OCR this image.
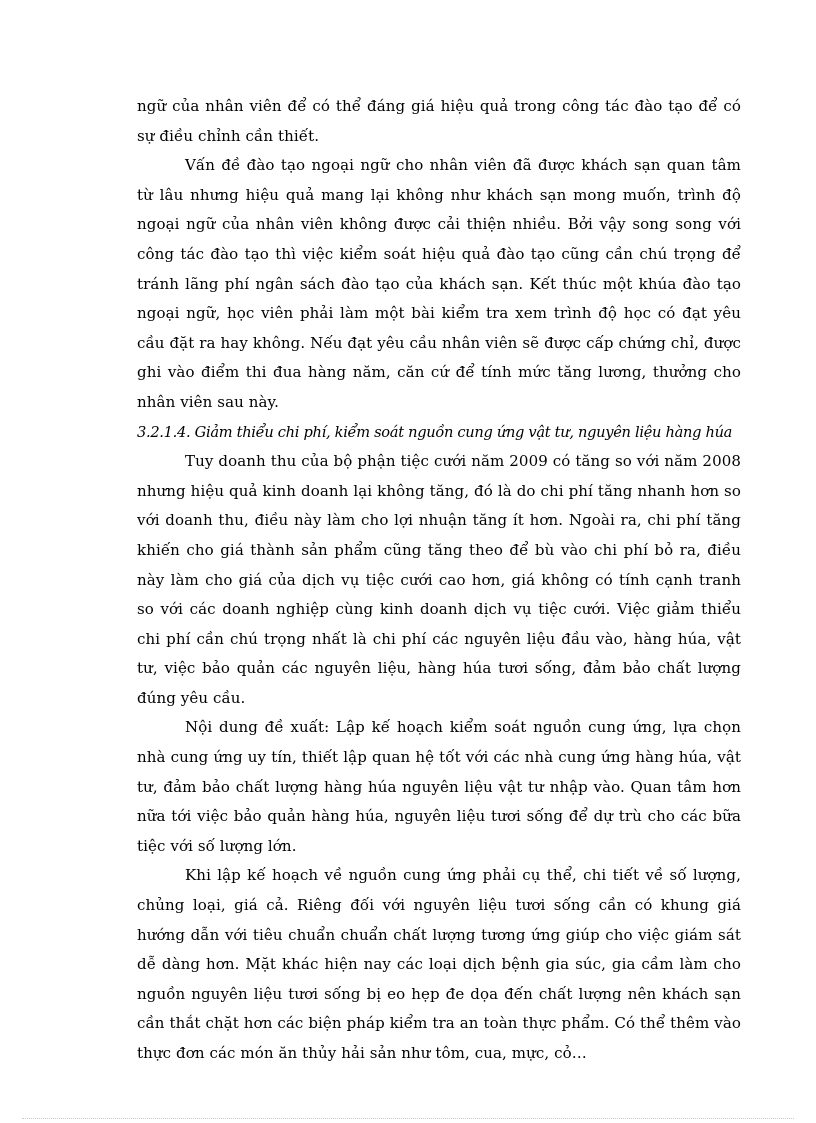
ngữ của nhân viên để có thể đáng giá hiệu quả trong công tác đào tạo để có sự điều chỉnh cần thiết.

Vấn đề đào tạo ngoại ngữ cho nhân viên đã được khách sạn quan tâm từ lâu nhưng hiệu quả mang lại không như khách sạn mong muốn, trình độ ngoại ngữ của nhân viên không được cải thiện nhiều. Bởi vậy song song với công tác đào tạo thì việc kiểm soát hiệu quả đào tạo cũng cần chú trọng để tránh lãng phí ngân sách đào tạo của khách sạn. Kết thúc một khúa đào tạo ngoại ngữ, học viên phải làm một bài kiểm tra xem trình độ học có đạt yêu cầu đặt ra hay không. Nếu đạt yêu cầu nhân viên sẽ được cấp chứng chỉ, được ghi vào điểm thi đua hàng năm, căn cứ để tính mức tăng lương, thưởng cho nhân viên sau này.

3.2.1.4. Giảm thiểu chi phí, kiểm soát nguồn cung ứng vật tư, nguyên liệu hàng húa

Tuy doanh thu của bộ phận tiệc cưới năm 2009 có tăng so với năm 2008 nhưng hiệu quả kinh doanh lại không tăng, đó là do chi phí tăng nhanh hơn so với doanh thu, điều này làm cho lợi nhuận tăng ít hơn. Ngoài ra, chi phí tăng khiến cho giá thành sản phẩm cũng tăng theo để bù vào chi phí bỏ ra, điều này làm cho giá của dịch vụ tiệc cưới cao hơn, giá không có tính cạnh tranh so với các doanh nghiệp cùng kinh doanh dịch vụ tiệc cưới. Việc giảm thiểu chi phí cần chú trọng nhất là chi phí các nguyên liệu đầu vào, hàng húa, vật tư, việc bảo quản các nguyên liệu, hàng húa tươi sống, đảm bảo chất lượng đúng yêu cầu.

Nội dung đề xuất: Lập kế hoạch kiểm soát nguồn cung ứng, lựa chọn nhà cung ứng uy tín, thiết lập quan hệ tốt với các nhà cung ứng hàng húa, vật tư, đảm bảo chất lượng hàng húa nguyên liệu vật tư nhập vào. Quan tâm hơn nữa tới việc bảo quản hàng húa, nguyên liệu tươi sống để dự trù cho các bữa tiệc với số lượng lớn.

Khi lập kế hoạch về nguồn cung ứng phải cụ thể, chi tiết về số lượng, chủng loại, giá cả. Riêng đối với nguyên liệu tươi sống cần có khung giá hướng dẫn với tiêu chuẩn chuẩn chất lượng tương ứng giúp cho việc giám sát dễ dàng hơn. Mặt khác hiện nay các loại dịch bệnh gia súc, gia cầm làm cho nguồn nguyên liệu tươi sống bị eo hẹp đe dọa đến chất lượng nên khách sạn cần thắt chặt hơn các biện pháp kiểm tra an toàn thực phẩm. Có thể thêm vào thực đơn các món ăn thủy hải sản như tôm, cua, mực, cỏ…
